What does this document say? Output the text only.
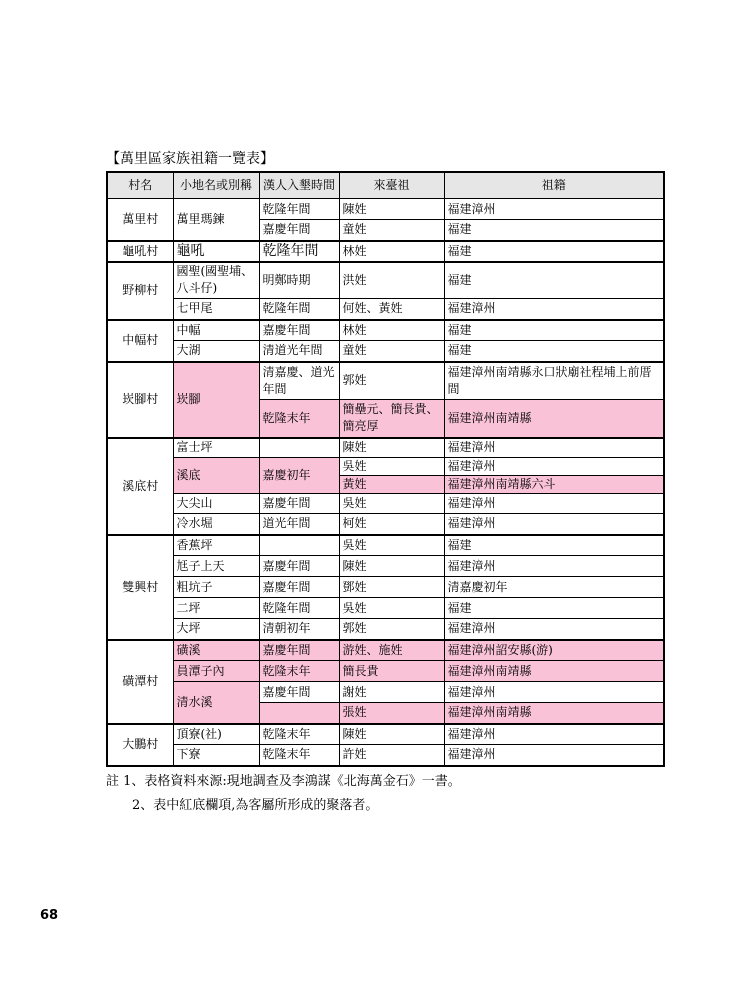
【萬里區家族祖籍一覽表】
村名	小地名或別稱	漢人入墾時間	來臺祖	祖籍
萬里村	萬里瑪鍊	乾隆年間	陳姓	福建漳州
		嘉慶年間	童姓	福建
龜吼村	龜吼	乾隆年間	林姓	福建
野柳村	國聖(國聖埔、八斗仔)	明鄭時期	洪姓	福建
	七甲尾	乾隆年間	何姓、黃姓	福建漳州
中幅村	中幅	嘉慶年間	林姓	福建
	大湖	清道光年間	童姓	福建
崁腳村	崁腳	清嘉慶、道光年間	郭姓	福建漳州南靖縣永口狀廟社程埔上前厝間
		乾隆末年	簡壘元、簡長貴、簡亮厚	福建漳州南靖縣
溪底村	富士坪		陳姓	福建漳州
	溪底	嘉慶初年	吳姓	福建漳州
			黃姓	福建漳州南靖縣六斗
	大尖山	嘉慶年間	吳姓	福建漳州
	冷水堀	道光年間	柯姓	福建漳州
雙興村	香蕉坪		吳姓	福建
	尪子上天	嘉慶年間	陳姓	福建漳州
	粗坑子	嘉慶年間	鄧姓	清嘉慶初年
	二坪	乾隆年間	吳姓	福建
	大坪	清朝初年	郭姓	福建漳州
磺潭村	磺溪	嘉慶年間	游姓、施姓	福建漳州詔安縣(游)
	員潭子內	乾隆末年	簡長貴	福建漳州南靖縣
	清水溪	嘉慶年間	謝姓	福建漳州
			張姓	福建漳州南靖縣
大鵬村	頂寮(社)	乾隆末年	陳姓	福建漳州
	下寮	乾隆末年	許姓	福建漳州
註 1、表格資料來源:現地調查及李鴻謀《北海萬金石》一書。
2、表中紅底欄項,為客屬所形成的聚落者。
68
